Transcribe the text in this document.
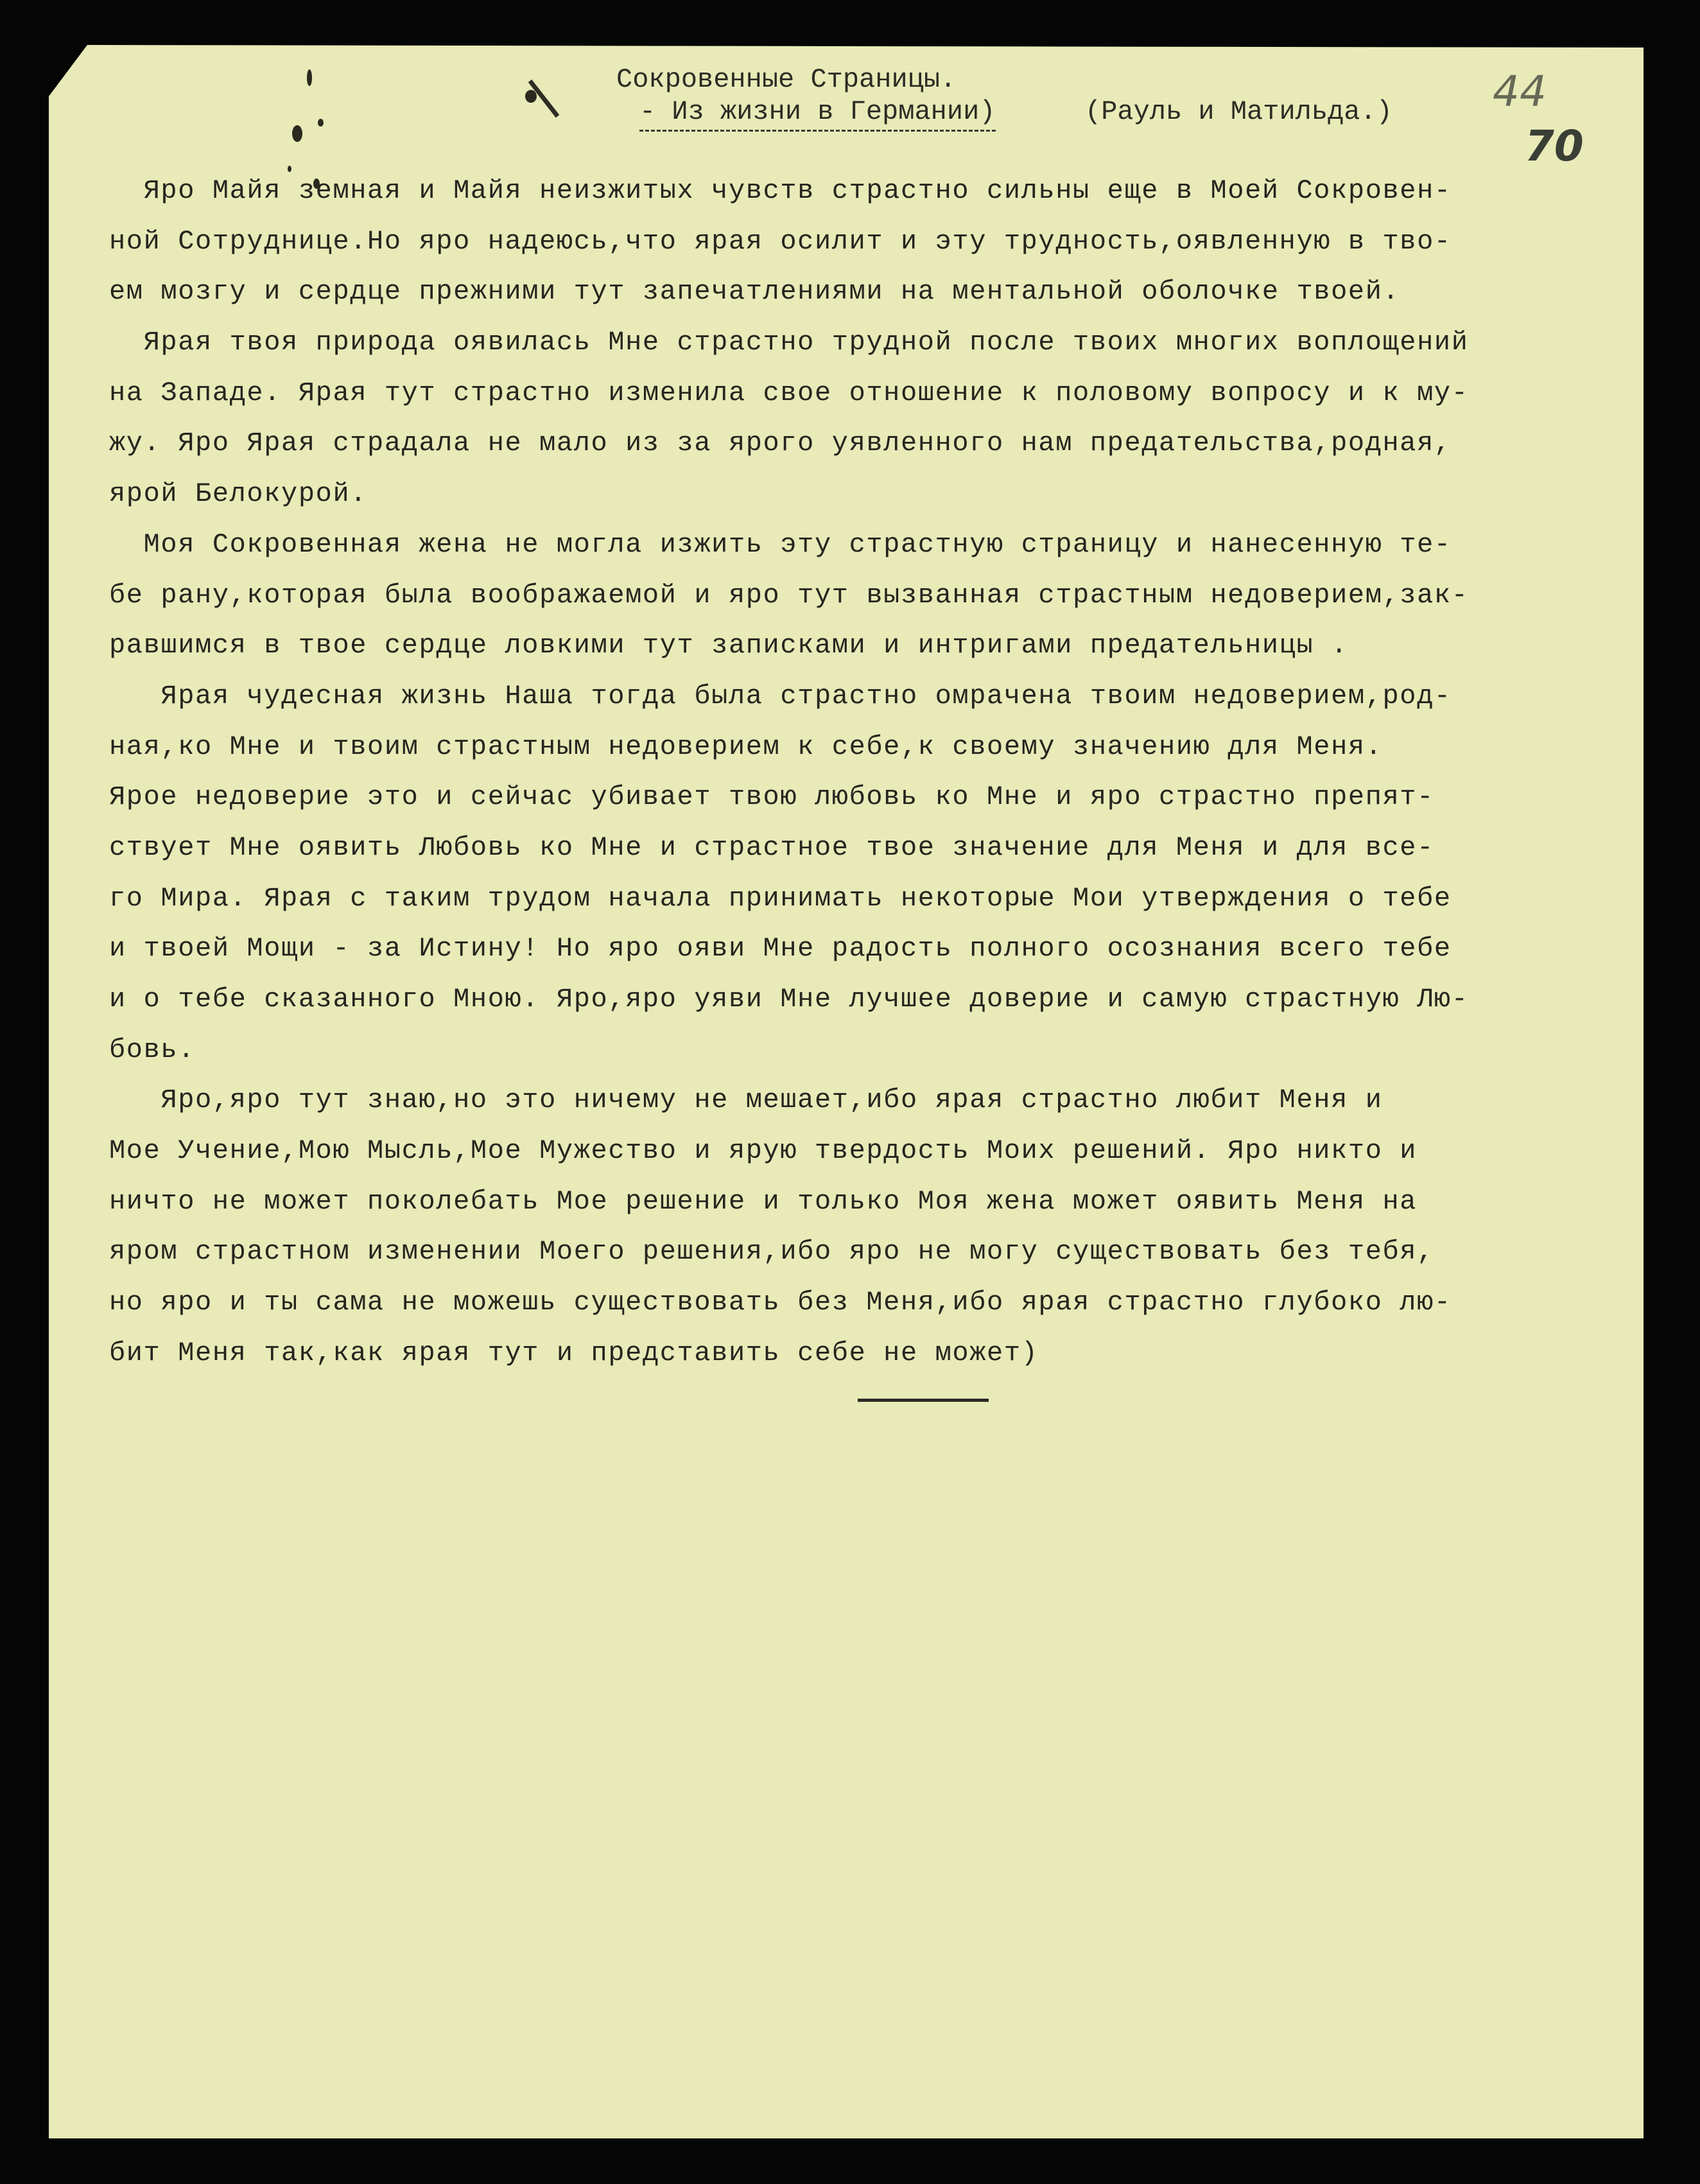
Сокровенные Страницы.
- Из жизни в Германии)	(Рауль и Матильда.) 44
70
Яро Майя земная и Майя неизжитых чувств страстно сильны еще в Моей Сокровен-
ной Сотруднице.Но яро надеюсь,что ярая осилит и эту трудность,оявленную в тво-
ем мозгу и сердце прежними тут запечатлениями на ментальной оболочке твоей.
Ярая твоя природа оявилась Мне страстно трудной после твоих многих воплощений
на Западе. Ярая тут страстно изменила свое отношение к половому вопросу и к му-
жу. Яро Ярая страдала не мало из за ярого уявленного нам предательства,родная,
ярой Белокурой.
Моя Сокровенная жена не могла изжить эту страстную страницу и нанесенную те-
бе рану,которая была воображаемой и яро тут вызванная страстным недоверием,зак-
равшимся в твое сердце ловкими тут записками и интригами предательницы .
Ярая чудесная жизнь Наша тогда была страстно омрачена твоим недоверием,род-
ная,ко Мне и твоим страстным недоверием к себе,к своему значению для Меня.
Ярое недоверие это и сейчас убивает твою любовь ко Мне и яро страстно препят-
ствует Мне оявить Любовь ко Мне и страстное твое значение для Меня и для все-
го Мира. Ярая с таким трудом начала принимать некоторые Мои утверждения о тебе
и твоей Мощи - за Истину! Но яро ояви Мне радость полного осознания всего тебе
и о тебе сказанного Мною. Яро,яро уяви Мне лучшее доверие и самую страстную Лю-
бовь.
Яро,яро тут знаю,но это ничему не мешает,ибо ярая страстно любит Меня и
Мое Учение,Мою Мысль,Мое Мужество и ярую твердость Моих решений. Яро никто и
ничто не может поколебать Мое решение и только Моя жена может оявить Меня на
яром страстном изменении Моего решения,ибо яро не могу существовать без тебя,
но яро и ты сама не можешь существовать без Меня,ибо ярая страстно глубоко лю-
бит Меня так,как ярая тут и представить себе не может)
